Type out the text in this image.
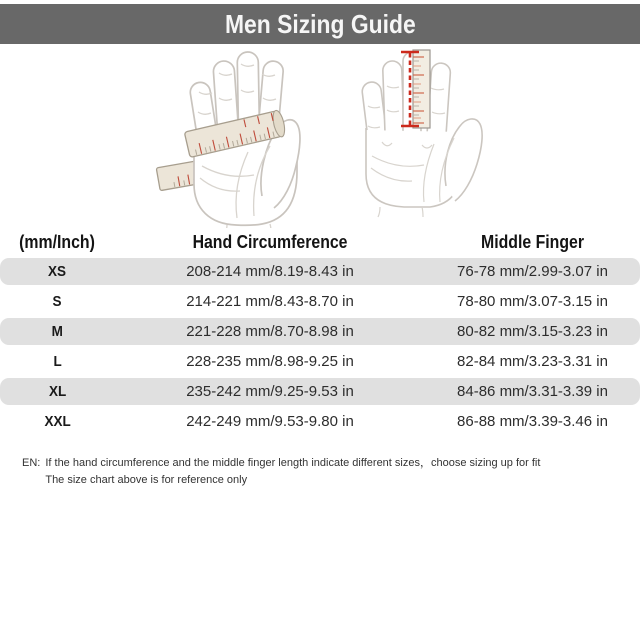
Men Sizing Guide
(mm/Inch)	Hand Circumference	Middle Finger
XS	208-214 mm/8.19-8.43 in	76-78 mm/2.99-3.07 in
S	214-221 mm/8.43-8.70 in	78-80 mm/3.07-3.15 in
M	221-228 mm/8.70-8.98 in	80-82 mm/3.15-3.23 in
L	228-235 mm/8.98-9.25 in	82-84 mm/3.23-3.31 in
XL	235-242 mm/9.25-9.53 in	84-86 mm/3.31-3.39 in
XXL	242-249 mm/9.53-9.80 in	86-88 mm/3.39-3.46 in
EN: If the hand circumference and the middle finger length indicate different sizes，choose sizing up for fit
The size chart above is for reference only
